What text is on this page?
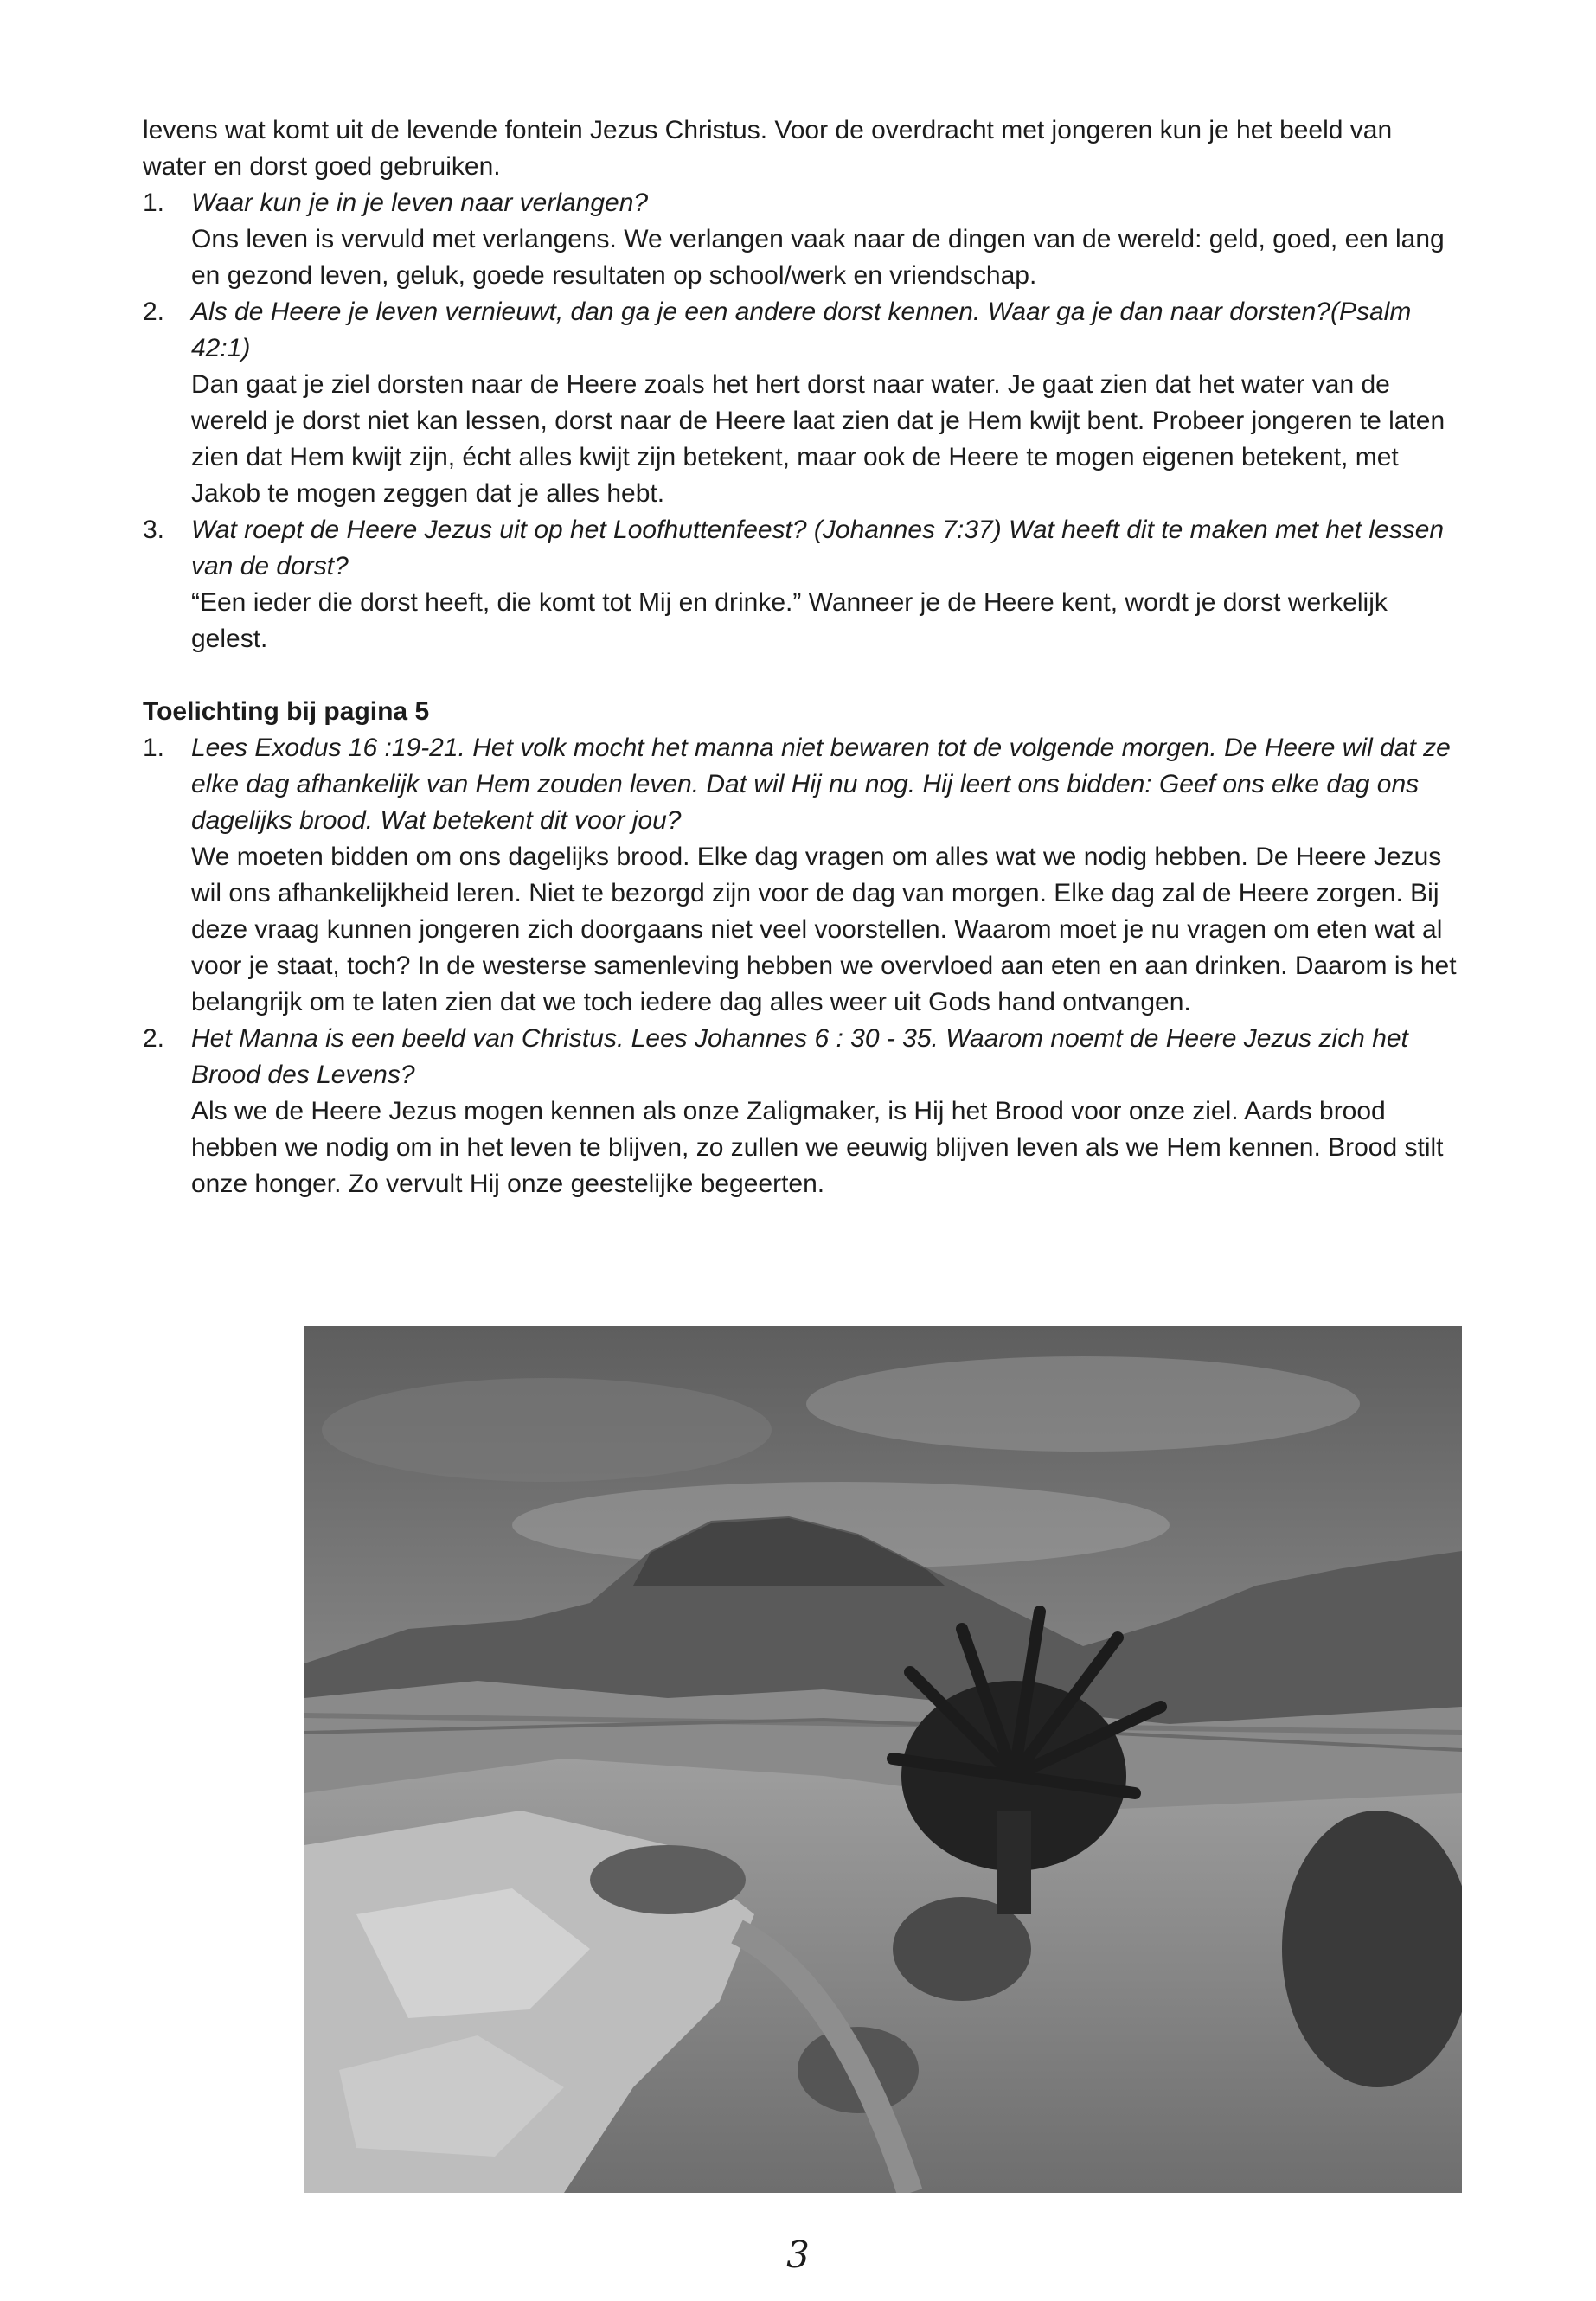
levens wat komt uit de levende fontein Jezus Christus. Voor de overdracht met jongeren kun je het beeld van water en dorst goed gebruiken.

1. Waar kun je in je leven naar verlangen?
Ons leven is vervuld met verlangens. We verlangen vaak naar de dingen van de wereld: geld, goed, een lang en gezond leven, geluk, goede resultaten op school/werk en vriendschap.
2. Als de Heere je leven vernieuwt, dan ga je een andere dorst kennen. Waar ga je dan naar dorsten?(Psalm 42:1)
Dan gaat je ziel dorsten naar de Heere zoals het hert dorst naar water. Je gaat zien dat het water van de wereld je dorst niet kan lessen, dorst naar de Heere laat zien dat je Hem kwijt bent. Probeer jongeren te laten zien dat Hem kwijt zijn, écht alles kwijt zijn betekent, maar ook de Heere te mogen eigenen betekent, met Jakob te mogen zeggen dat je alles hebt.
3. Wat roept de Heere Jezus uit op het Loofhuttenfeest? (Johannes 7:37) Wat heeft dit te maken met het lessen van de dorst?
“Een ieder die dorst heeft, die komt tot Mij en drinke.” Wanneer je de Heere kent, wordt je dorst werkelijk gelest.

Toelichting bij pagina 5

1. Lees Exodus 16 :19-21. Het volk mocht het manna niet bewaren tot de volgende morgen. De Heere wil dat ze elke dag afhankelijk van Hem zouden leven. Dat wil Hij nu nog. Hij leert ons bidden: Geef ons elke dag ons dagelijks brood. Wat betekent dit voor jou?
We moeten bidden om ons dagelijks brood. Elke dag vragen om alles wat we nodig hebben. De Heere Jezus wil ons afhankelijkheid leren. Niet te bezorgd zijn voor de dag van morgen. Elke dag zal de Heere zorgen. Bij deze vraag kunnen jongeren zich doorgaans niet veel voorstellen. Waarom moet je nu vragen om eten wat al voor je staat, toch? In de westerse samenleving hebben we overvloed aan eten en aan drinken. Daarom is het belangrijk om te laten zien dat we toch iedere dag alles weer uit Gods hand ontvangen.
2. Het Manna is een beeld van Christus. Lees Johannes 6 : 30 - 35. Waarom noemt de Heere Jezus zich het Brood des Levens?
Als we de Heere Jezus mogen kennen als onze Zaligmaker, is Hij het Brood voor onze ziel. Aards brood hebben we nodig om in het leven te blijven, zo zullen we eeuwig blijven leven als we Hem kennen. Brood stilt onze honger. Zo vervult Hij onze geestelijke begeerten.
3
